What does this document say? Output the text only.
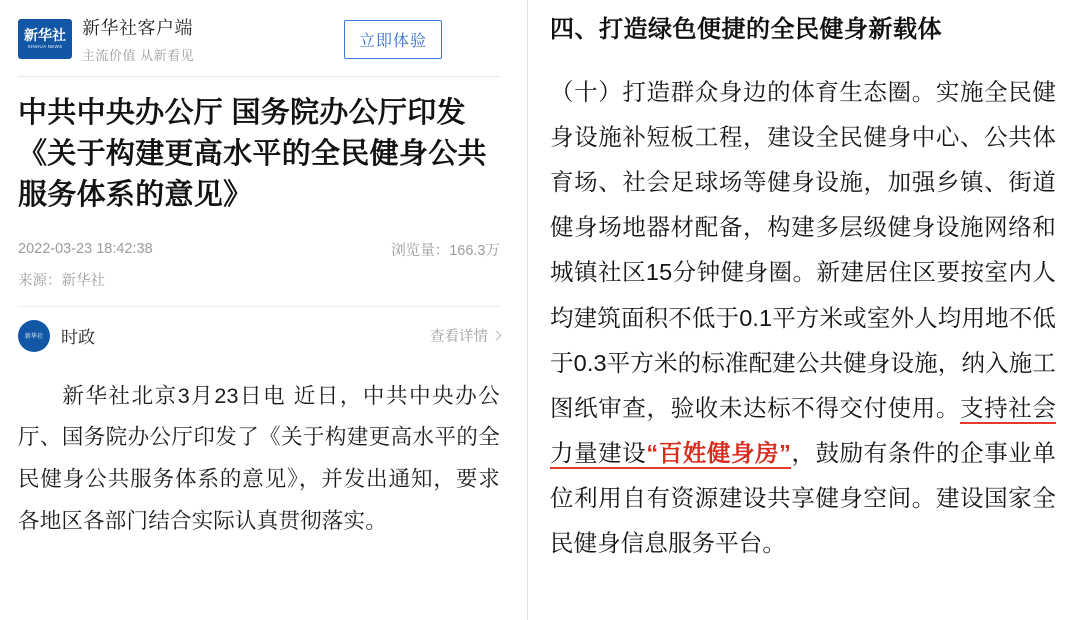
新华社
XINHUA NEWS
新华社客户端
主流价值 从新看见
立即体验
中共中央办公厅 国务院办公厅印发《关于构建更高水平的全民健身公共服务体系的意见》
2022-03-23 18:42:38	浏览量：166.3万
来源：新华社
新华社	时政	查看详情

新华社北京3月23日电 近日，中共中央办公厅、国务院办公厅印发了《关于构建更高水平的全民健身公共服务体系的意见》，并发出通知，要求各地区各部门结合实际认真贯彻落实。

四、打造绿色便捷的全民健身新载体

（十）打造群众身边的体育生态圈。实施全民健身设施补短板工程，建设全民健身中心、公共体育场、社会足球场等健身设施，加强乡镇、街道健身场地器材配备，构建多层级健身设施网络和城镇社区15分钟健身圈。新建居住区要按室内人均建筑面积不低于0.1平方米或室外人均用地不低于0.3平方米的标准配建公共健身设施，纳入施工图纸审查，验收未达标不得交付使用。支持社会力量建设“百姓健身房”，鼓励有条件的企事业单位利用自有资源建设共享健身空间。建设国家全民健身信息服务平台。
